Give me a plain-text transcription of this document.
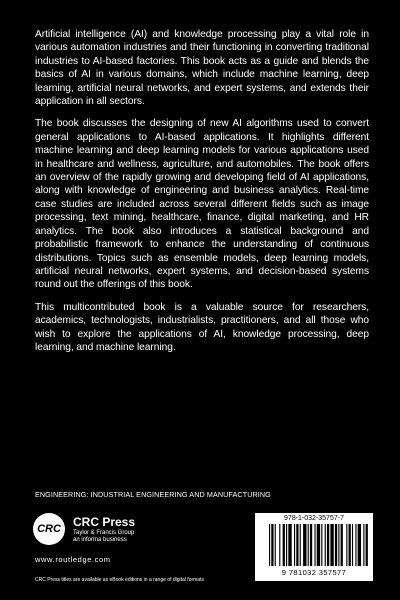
Artificial intelligence (AI) and knowledge processing play a vital role in various automation industries and their functioning in converting traditional industries to AI-based factories. This book acts as a guide and blends the basics of AI in various domains, which include machine learning, deep learning, artificial neural networks, and expert systems, and extends their application in all sectors.

The book discusses the designing of new AI algorithms used to convert general applications to AI-based applications. It highlights different machine learning and deep learning models for various applications used in healthcare and wellness, agriculture, and automobiles. The book offers an overview of the rapidly growing and developing field of AI applications, along with knowledge of engineering and business analytics. Real-time case studies are included across several different fields such as image processing, text mining, healthcare, finance, digital marketing, and HR analytics. The book also introduces a statistical background and probabilistic framework to enhance the understanding of continuous distributions. Topics such as ensemble models, deep learning models, artificial neural networks, expert systems, and decision-based systems round out the offerings of this book.

This multicontributed book is a valuable source for researchers, academics, technologists, industrialists, practitioners, and all those who wish to explore the applications of AI, knowledge processing, deep learning, and machine learning.

ENGINEERING: INDUSTRIAL ENGINEERING AND MANUFACTURING
CRC	CRC Press
Taylor & Francis Group
an informa business
www.routledge.com
CRC Press titles are available as eBook editions in a range of digital formats
978-1-032-35757-7
9 781032 357577
